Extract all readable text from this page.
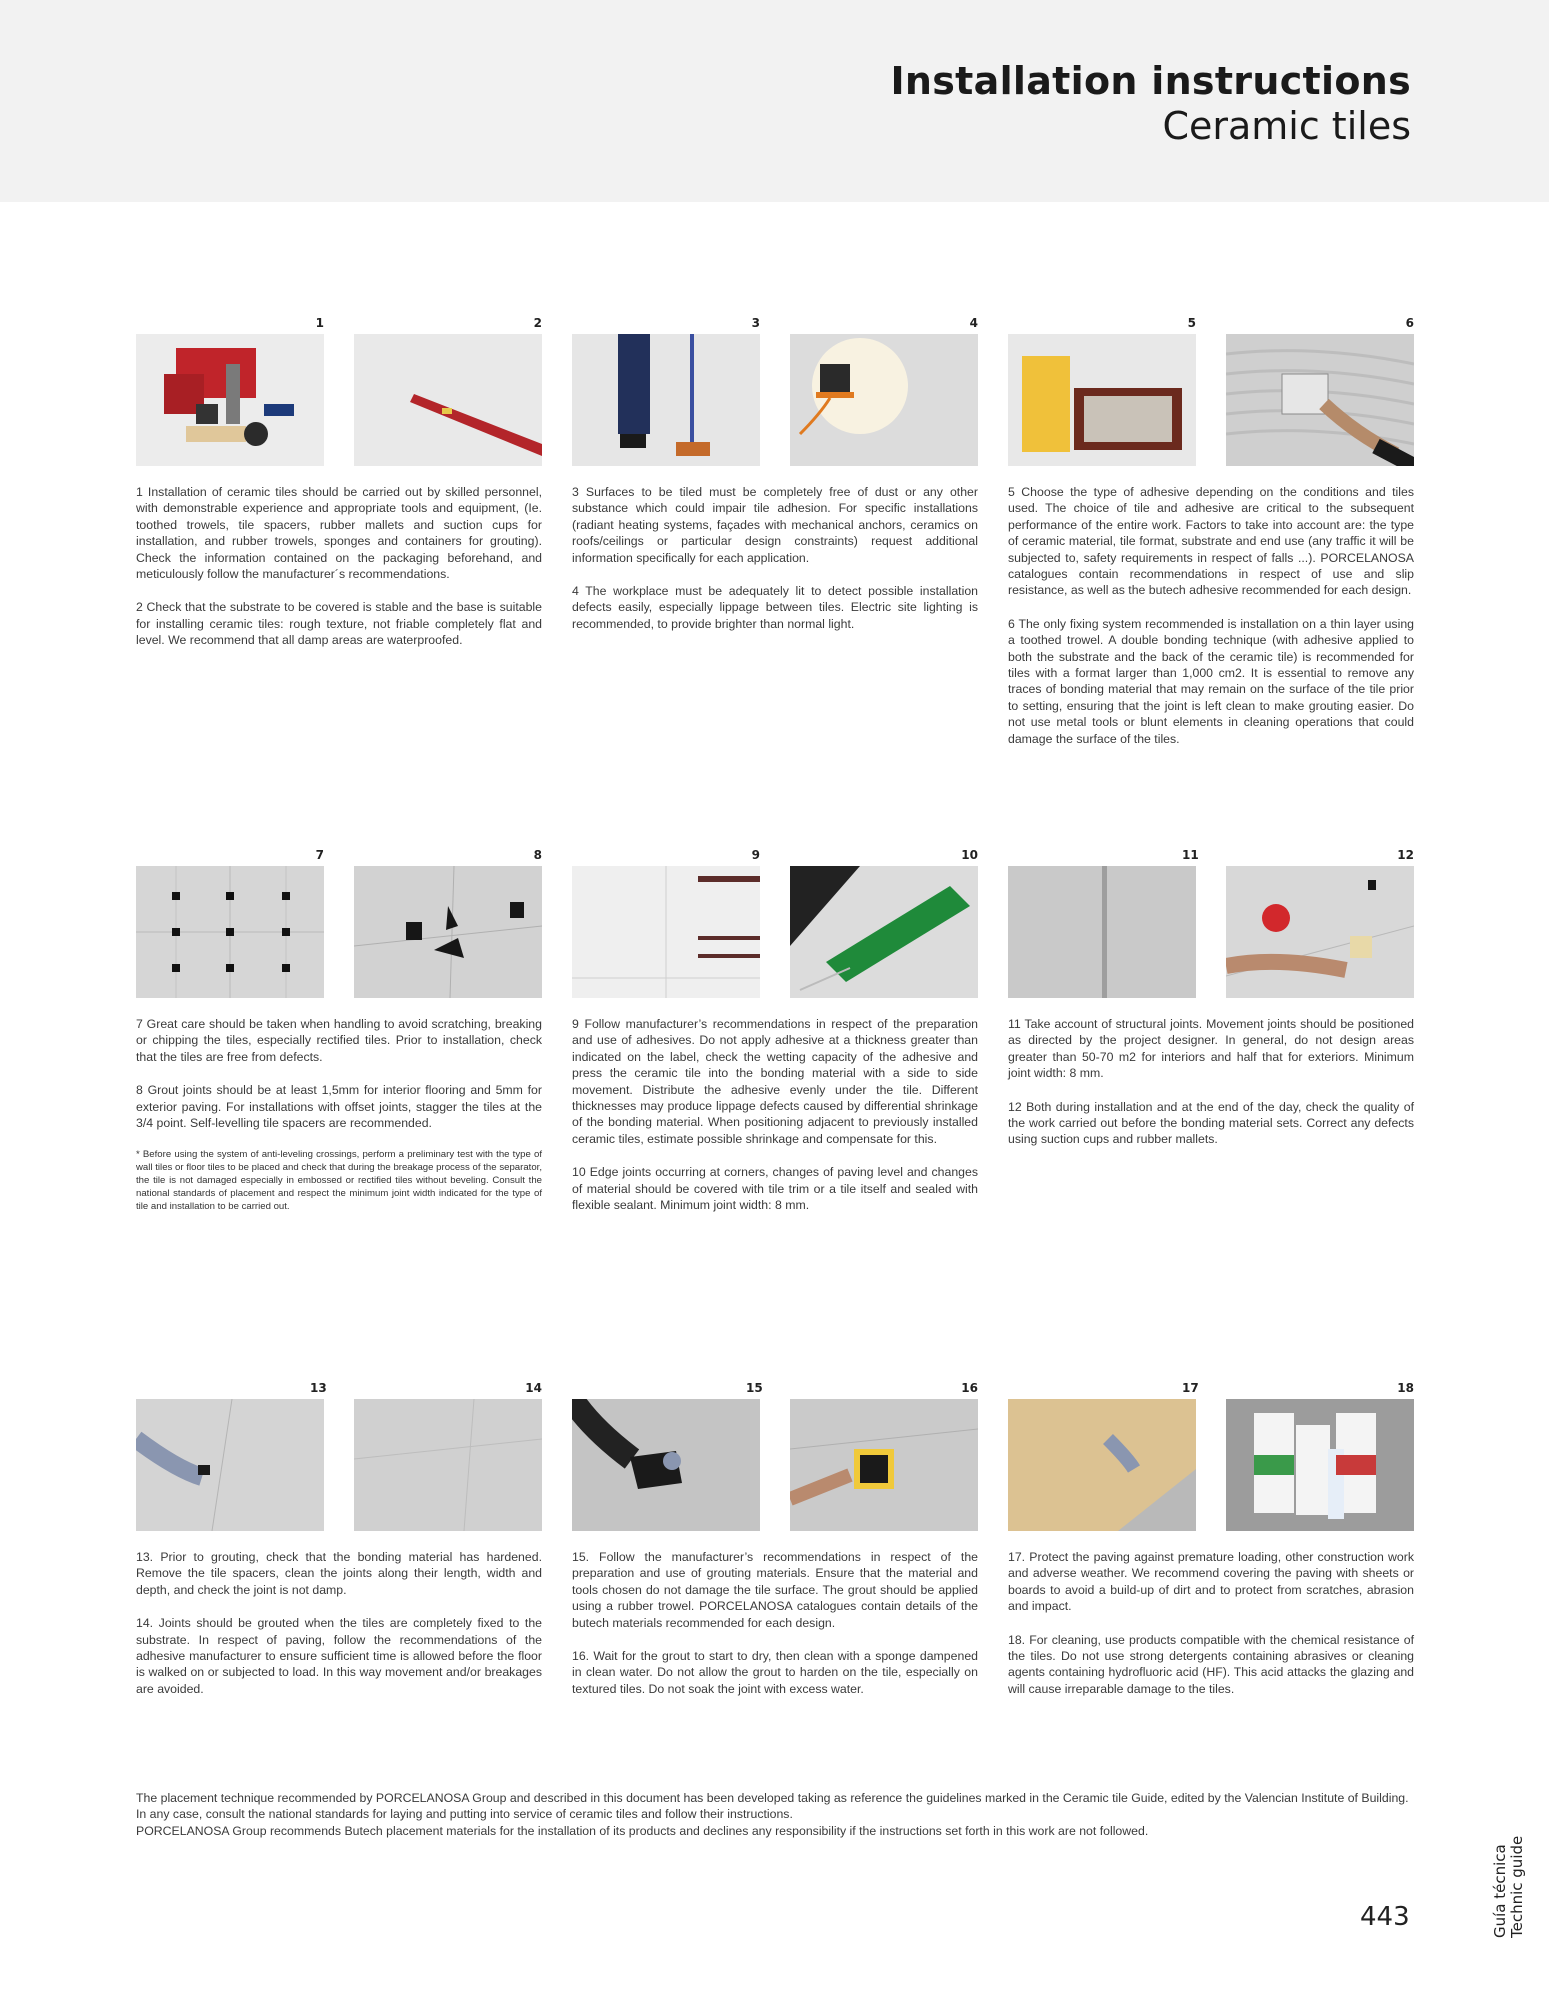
Installation instructions
Ceramic tiles
1	2

1 Installation of ceramic tiles should be carried out by skilled personnel, with demonstrable experience and appropriate tools and equipment, (Ie. toothed trowels, tile spacers, rubber mallets and suction cups for installation, and rubber trowels, sponges and containers for grouting). Check the information contained on the packaging beforehand, and meticulously follow the manufacturer´s recommendations.

2 Check that the substrate to be covered is stable and the base is suitable for installing ceramic tiles: rough texture, not friable completely flat and level. We recommend that all damp areas are waterproofed.

3	4

3 Surfaces to be tiled must be completely free of dust or any other substance which could impair tile adhesion. For specific installations (radiant heating systems, façades with mechanical anchors, ceramics on roofs/ceilings or particular design constraints) request additional information specifically for each application.

4 The workplace must be adequately lit to detect possible installation defects easily, especially lippage between tiles. Electric site lighting is recommended, to provide brighter than normal light.

5	6

5 Choose the type of adhesive depending on the conditions and tiles used. The choice of tile and adhesive are critical to the subsequent performance of the entire work. Factors to take into account are: the type of ceramic material, tile format, substrate and end use (any traffic it will be subjected to, safety requirements in respect of falls ...). PORCELANOSA catalogues contain recommendations in respect of use and slip resistance, as well as the butech adhesive recommended for each design.

6 The only fixing system recommended is installation on a thin layer using a toothed trowel. A double bonding technique (with adhesive applied to both the substrate and the back of the ceramic tile) is recommended for tiles with a format larger than 1,000 cm2. It is essential to remove any traces of bonding material that may remain on the surface of the tile prior to setting, ensuring that the joint is left clean to make grouting easier. Do not use metal tools or blunt elements in cleaning operations that could damage the surface of the tiles.

7	8

7 Great care should be taken when handling to avoid scratching, breaking or chipping the tiles, especially rectified tiles. Prior to installation, check that the tiles are free from defects.

8 Grout joints should be at least 1,5mm for interior flooring and 5mm for exterior paving. For installations with offset joints, stagger the tiles at the 3/4 point. Self-levelling tile spacers are recommended.

* Before using the system of anti-leveling crossings, perform a preliminary test with the type of wall tiles or floor tiles to be placed and check that during the breakage process of the separator, the tile is not damaged especially in embossed or rectified tiles without beveling. Consult the national standards of placement and respect the minimum joint width indicated for the type of tile and installation to be carried out.

9	10

9 Follow manufacturer’s recommendations in respect of the preparation and use of adhesives. Do not apply adhesive at a thickness greater than indicated on the label, check the wetting capacity of the adhesive and press the ceramic tile into the bonding material with a side to side movement. Distribute the adhesive evenly under the tile. Different thicknesses may produce lippage defects caused by differential shrinkage of the bonding material. When positioning adjacent to previously installed ceramic tiles, estimate possible shrinkage and compensate for this.

10 Edge joints occurring at corners, changes of paving level and changes of material should be covered with tile trim or a tile itself and sealed with flexible sealant. Minimum joint width: 8 mm.

11	12

11 Take account of structural joints. Movement joints should be positioned as directed by the project designer. In general, do not design areas greater than 50-70 m2 for interiors and half that for exteriors. Minimum joint width: 8 mm.

12 Both during installation and at the end of the day, check the quality of the work carried out before the bonding material sets. Correct any defects using suction cups and rubber mallets.

13	14

13. Prior to grouting, check that the bonding material has hardened. Remove the tile spacers, clean the joints along their length, width and depth, and check the joint is not damp.

14. Joints should be grouted when the tiles are completely fixed to the substrate. In respect of paving, follow the recommendations of the adhesive manufacturer to ensure sufficient time is allowed before the floor is walked on or subjected to load. In this way movement and/or breakages are avoided.

15	16

15. Follow the manufacturer’s recommendations in respect of the preparation and use of grouting materials. Ensure that the material and tools chosen do not damage the tile surface. The grout should be applied using a rubber trowel. PORCELANOSA catalogues contain details of the butech materials recommended for each design.

16. Wait for the grout to start to dry, then clean with a sponge dampened in clean water. Do not allow the grout to harden on the tile, especially on textured tiles. Do not soak the joint with excess water.

17	18

17. Protect the paving against premature loading, other construction work and adverse weather. We recommend covering the paving with sheets or boards to avoid a build-up of dirt and to protect from scratches, abrasion and impact.

18. For cleaning, use products compatible with the chemical resistance of the tiles. Do not use strong detergents containing abrasives or cleaning agents containing hydrofluoric acid (HF). This acid attacks the glazing and will cause irreparable damage to the tiles.

The placement technique recommended by PORCELANOSA Group and described in this document has been developed taking as reference the guidelines marked in the Ceramic tile Guide, edited by the Valencian Institute of Building. In any case, consult the national standards for laying and putting into service of ceramic tiles and follow their instructions.

PORCELANOSA Group recommends Butech placement materials for the installation of its products and declines any responsibility if the instructions set forth in this work are not followed.

443	Guía técnica Technic guide
